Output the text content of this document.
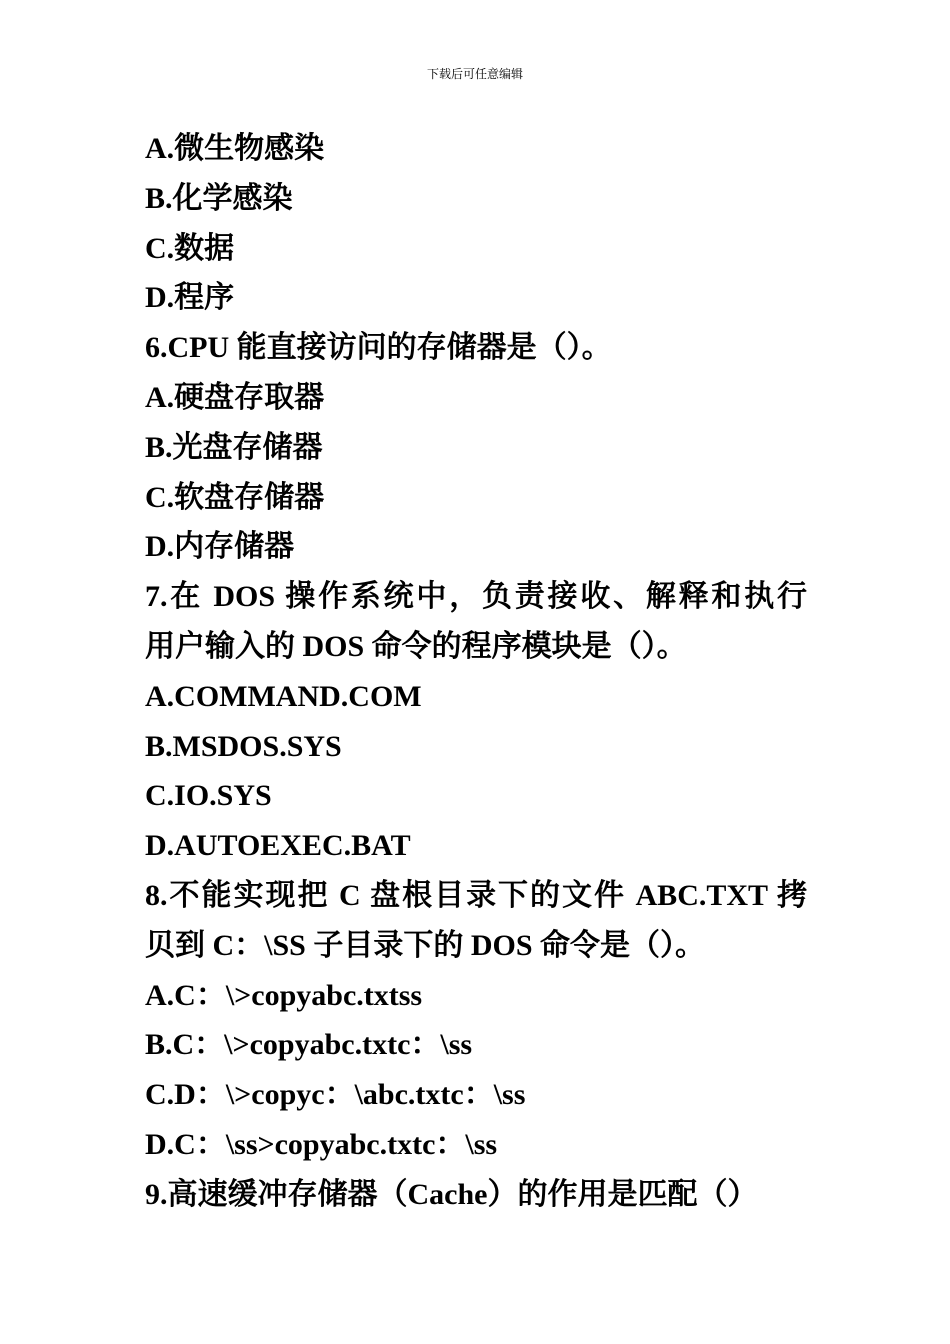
下载后可任意编辑
A.微生物感染
B.化学感染
C.数据
D.程序
6.CPU 能直接访问的存储器是（）。
A.硬盘存取器
B.光盘存储器
C.软盘存储器
D.内存储器
7.在 DOS 操作系统中，负责接收、解释和执行
用户输入的 DOS 命令的程序模块是（）。
A.COMMAND.COM
B.MSDOS.SYS
C.IO.SYS
D.AUTOEXEC.BAT
8.不能实现把 C 盘根目录下的文件 ABC.TXT 拷
贝到 C：\SS 子目录下的 DOS 命令是（）。
A.C：\>copyabc.txtss
B.C：\>copyabc.txtc：\ss
C.D：\>copyc：\abc.txtc：\ss
D.C：\ss>copyabc.txtc：\ss
9.高速缓冲存储器（Cache）的作用是匹配（）
